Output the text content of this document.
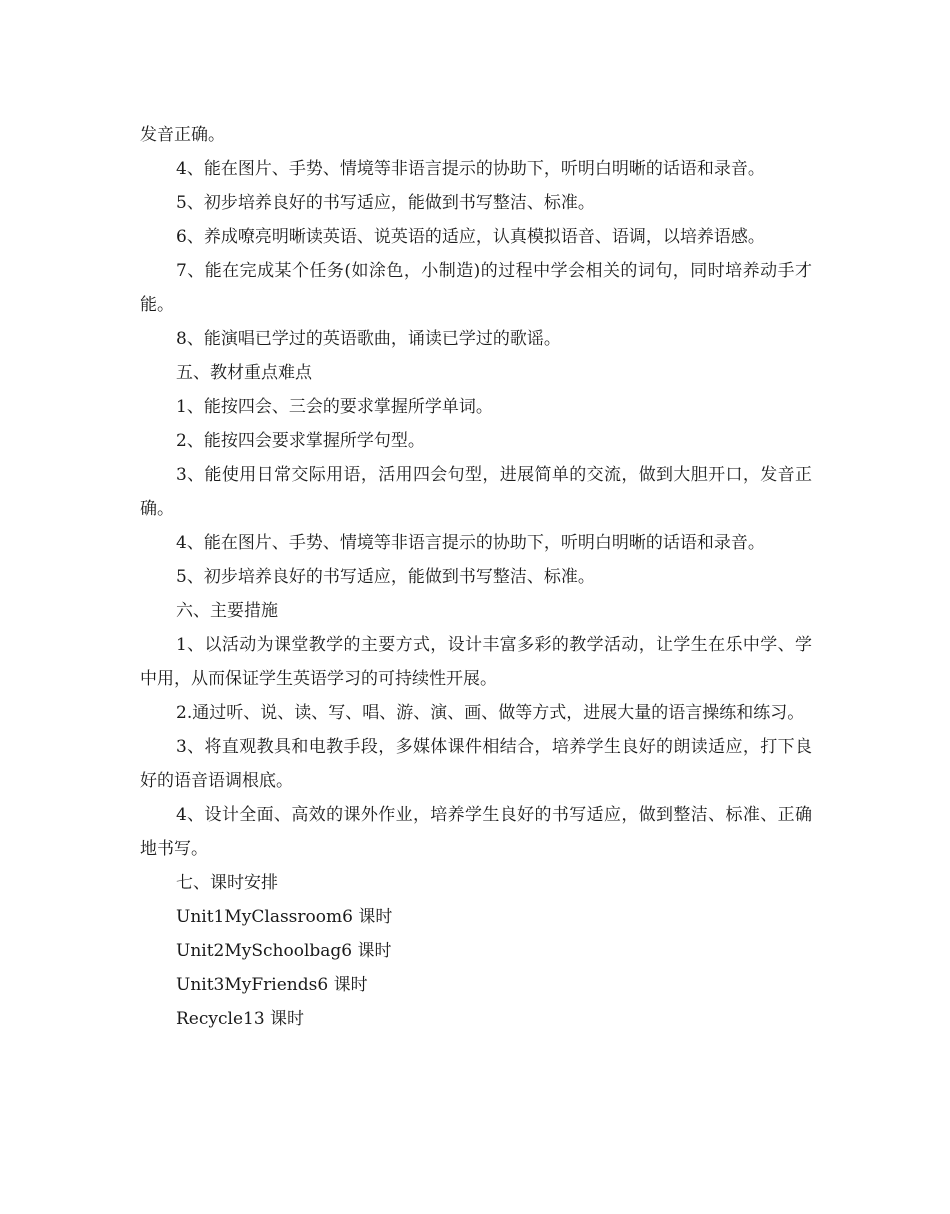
发音正确。

4、能在图片、手势、情境等非语言提示的协助下，听明白明晰的话语和录音。

5、初步培养良好的书写适应，能做到书写整洁、标准。

6、养成嘹亮明晰读英语、说英语的适应，认真模拟语音、语调，以培养语感。

7、能在完成某个任务(如涂色，小制造)的过程中学会相关的词句，同时培养动手才能。

8、能演唱已学过的英语歌曲，诵读已学过的歌谣。

五、教材重点难点

1、能按四会、三会的要求掌握所学单词。

2、能按四会要求掌握所学句型。

3、能使用日常交际用语，活用四会句型，进展简单的交流，做到大胆开口，发音正确。

4、能在图片、手势、情境等非语言提示的协助下，听明白明晰的话语和录音。

5、初步培养良好的书写适应，能做到书写整洁、标准。

六、主要措施

1、以活动为课堂教学的主要方式，设计丰富多彩的教学活动，让学生在乐中学、学中用，从而保证学生英语学习的可持续性开展。

2.通过听、说、读、写、唱、游、演、画、做等方式，进展大量的语言操练和练习。

3、将直观教具和电教手段，多媒体课件相结合，培养学生良好的朗读适应，打下良好的语音语调根底。

4、设计全面、高效的课外作业，培养学生良好的书写适应，做到整洁、标准、正确地书写。

七、课时安排

Unit1MyClassroom6 课时

Unit2MySchoolbag6 课时

Unit3MyFriends6 课时

Recycle13 课时
